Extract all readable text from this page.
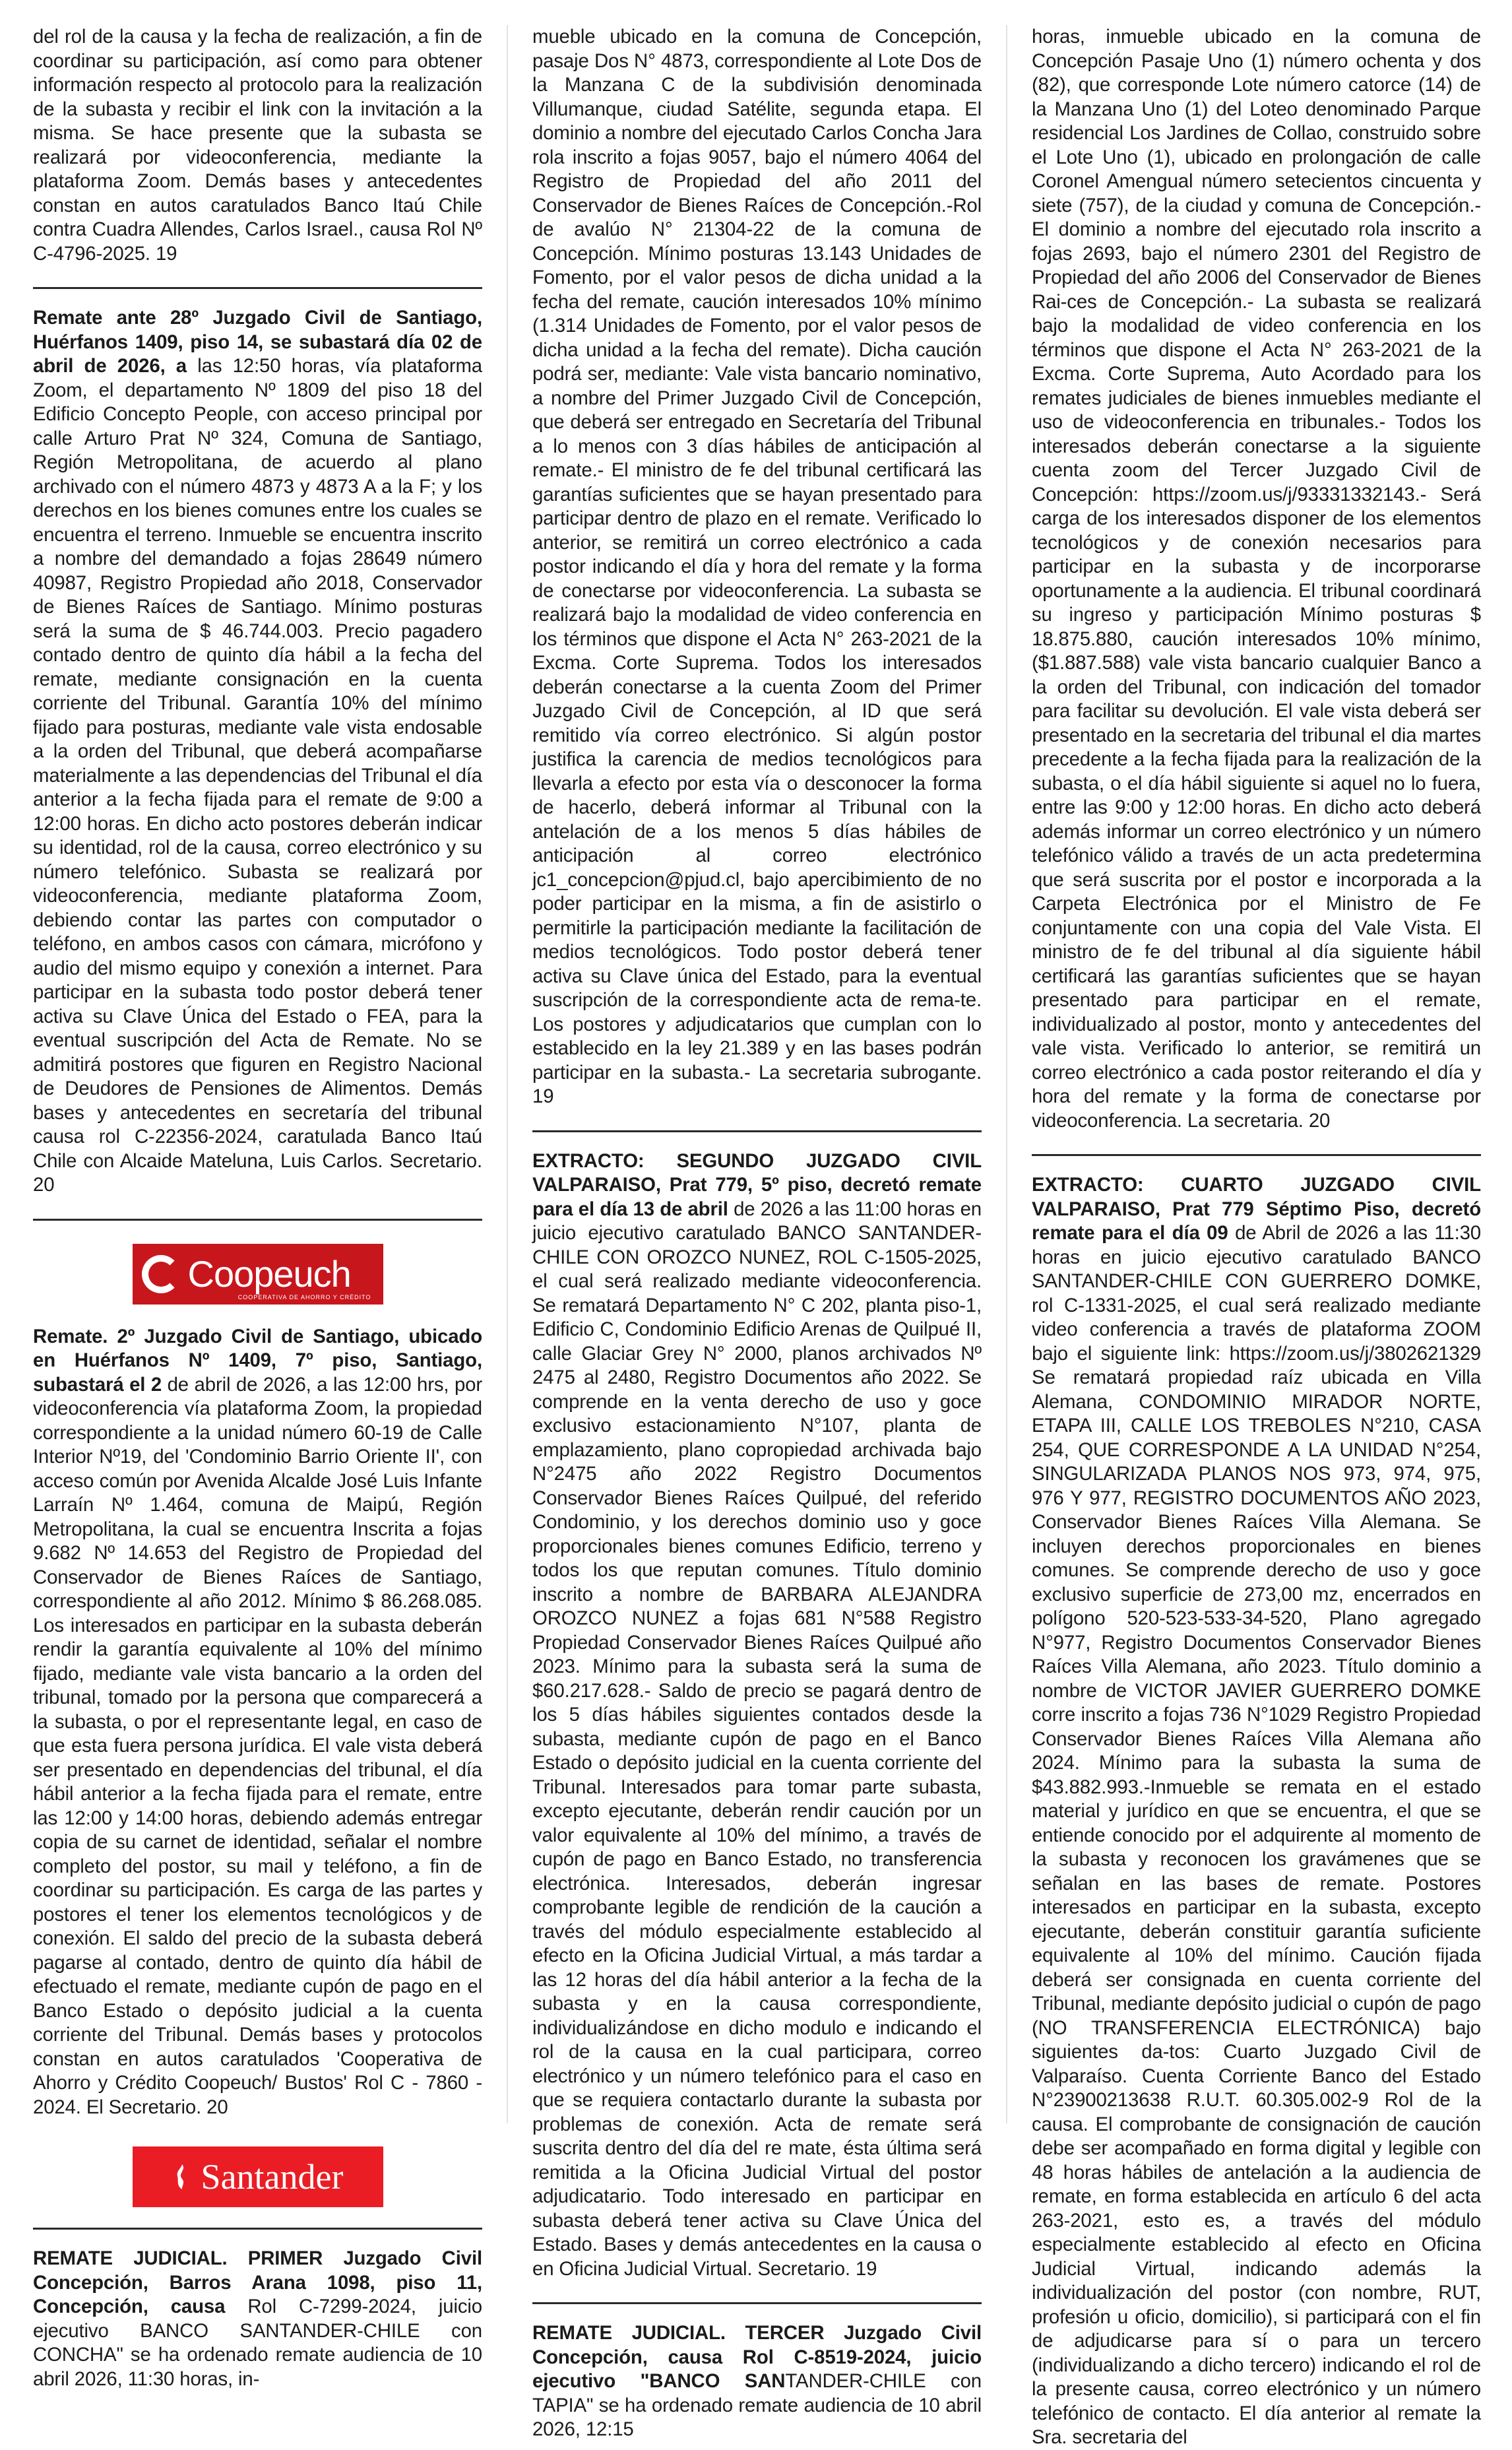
del rol de la causa y la fecha de realización, a fin de coordinar su participación, así como para obtener información respecto al protocolo para la realización de la subasta y recibir el link con la invitación a la misma. Se hace presente que la subasta se realizará por videoconferencia, mediante la plataforma Zoom. Demás bases y antecedentes constan en autos caratulados Banco Itaú Chile contra Cuadra Allendes, Carlos Israel., causa Rol Nº C-4796-2025. 19

Remate ante 28º Juzgado Civil de Santiago, Huérfanos 1409, piso 14, se subastará día 02 de abril de 2026, a las 12:50 horas, vía plataforma Zoom, el departamento Nº 1809 del piso 18 del Edificio Concepto People, con acceso principal por calle Arturo Prat Nº 324, Comuna de Santiago, Región Metropolitana, de acuerdo al plano archivado con el número 4873 y 4873 A a la F; y los derechos en los bienes comunes entre los cuales se encuentra el terreno. Inmueble se encuentra inscrito a nombre del demandado a fojas 28649 número 40987, Registro Propiedad año 2018, Conservador de Bienes Raíces de Santiago. Mínimo posturas será la suma de $ 46.744.003. Precio pagadero contado dentro de quinto día hábil a la fecha del remate, mediante consignación en la cuenta corriente del Tribunal. Garantía 10% del mínimo fijado para posturas, mediante vale vista endosable a la orden del Tribunal, que deberá acompañarse materialmente a las dependencias del Tribunal el día anterior a la fecha fijada para el remate de 9:00 a 12:00 horas. En dicho acto postores deberán indicar su identidad, rol de la causa, correo electrónico y su número telefónico. Subasta se realizará por videoconferencia, mediante plataforma Zoom, debiendo contar las partes con computador o teléfono, en ambos casos con cámara, micrófono y audio del mismo equipo y conexión a internet. Para participar en la subasta todo postor deberá tener activa su Clave Única del Estado o FEA, para la eventual suscripción del Acta de Remate. No se admitirá postores que figuren en Registro Nacional de Deudores de Pensiones de Alimentos. Demás bases y antecedentes en secretaría del tribunal causa rol C-22356-2024, caratulada Banco Itaú Chile con Alcaide Mateluna, Luis Carlos. Secretario. 20

Coopeuch
COOPERATIVA DE AHORRO Y CRÉDITO

Remate. 2º Juzgado Civil de Santiago, ubicado en Huérfanos Nº 1409, 7º piso, Santiago, subastará el 2 de abril de 2026, a las 12:00 hrs, por videoconferencia vía plataforma Zoom, la propiedad correspondiente a la unidad número 60-19 de Calle Interior Nº19, del 'Condominio Barrio Oriente II', con acceso común por Avenida Alcalde José Luis Infante Larraín Nº 1.464, comuna de Maipú, Región Metropolitana, la cual se encuentra Inscrita a fojas 9.682 Nº 14.653 del Registro de Propiedad del Conservador de Bienes Raíces de Santiago, correspondiente al año 2012. Mínimo $ 86.268.085. Los interesados en participar en la subasta deberán rendir la garantía equivalente al 10% del mínimo fijado, mediante vale vista bancario a la orden del tribunal, tomado por la persona que comparecerá a la subasta, o por el representante legal, en caso de que esta fuera persona jurídica. El vale vista deberá ser presentado en dependencias del tribunal, el día hábil anterior a la fecha fijada para el remate, entre las 12:00 y 14:00 horas, debiendo además entregar copia de su carnet de identidad, señalar el nombre completo del postor, su mail y teléfono, a fin de coordinar su participación. Es carga de las partes y postores el tener los elementos tecnológicos y de conexión. El saldo del precio de la subasta deberá pagarse al contado, dentro de quinto día hábil de efectuado el remate, mediante cupón de pago en el Banco Estado o depósito judicial a la cuenta corriente del Tribunal. Demás bases y protocolos constan en autos caratulados 'Cooperativa de Ahorro y Crédito Coopeuch/ Bustos' Rol C - 7860 - 2024. El Secretario. 20

Santander

REMATE JUDICIAL. PRIMER Juzgado Civil Concepción, Barros Arana 1098, piso 11, Concepción, causa Rol C-7299-2024, juicio ejecutivo BANCO SANTANDER-CHILE con CONCHA" se ha ordenado remate audiencia de 10 abril 2026, 11:30 horas, in-

mueble ubicado en la comuna de Concepción, pasaje Dos N° 4873, correspondiente al Lote Dos de la Manzana C de la subdivisión denominada Villumanque, ciudad Satélite, segunda etapa. El dominio a nombre del ejecutado Carlos Concha Jara rola inscrito a fojas 9057, bajo el número 4064 del Registro de Propiedad del año 2011 del Conservador de Bienes Raíces de Concepción.-Rol de avalúo N° 21304-22 de la comuna de Concepción. Mínimo posturas 13.143 Unidades de Fomento, por el valor pesos de dicha unidad a la fecha del remate, caución interesados 10% mínimo (1.314 Unidades de Fomento, por el valor pesos de dicha unidad a la fecha del remate). Dicha caución podrá ser, mediante: Vale vista bancario nominativo, a nombre del Primer Juzgado Civil de Concepción, que deberá ser entregado en Secretaría del Tribunal a lo menos con 3 días hábiles de anticipación al remate.- El ministro de fe del tribunal certificará las garantías suficientes que se hayan presentado para participar dentro de plazo en el remate. Verificado lo anterior, se remitirá un correo electrónico a cada postor indicando el día y hora del remate y la forma de conectarse por videoconferencia. La subasta se realizará bajo la modalidad de video conferencia en los términos que dispone el Acta N° 263-2021 de la Excma. Corte Suprema. Todos los interesados deberán conectarse a la cuenta Zoom del Primer Juzgado Civil de Concepción, al ID que será remitido vía correo electrónico. Si algún postor justifica la carencia de medios tecnológicos para llevarla a efecto por esta vía o desconocer la forma de hacerlo, deberá informar al Tribunal con la antelación de a los menos 5 días hábiles de anticipación al correo electrónico jc1_concepcion@pjud.cl, bajo apercibimiento de no poder participar en la misma, a fin de asistirlo o permitirle la participación mediante la facilitación de medios tecnológicos. Todo postor deberá tener activa su Clave única del Estado, para la eventual suscripción de la correspondiente acta de rema-te. Los postores y adjudicatarios que cumplan con lo establecido en la ley 21.389 y en las bases podrán participar en la subasta.- La secretaria subrogante. 19

EXTRACTO: SEGUNDO JUZGADO CIVIL VALPARAISO, Prat 779, 5º piso, decretó remate para el día 13 de abril de 2026 a las 11:00 horas en juicio ejecutivo caratulado BANCO SANTANDER-CHILE CON OROZCO NUNEZ, ROL C-1505-2025, el cual será realizado mediante videoconferencia. Se rematará Departamento N° C 202, planta piso-1, Edificio C, Condominio Edificio Arenas de Quilpué II, calle Glaciar Grey N° 2000, planos archivados Nº 2475 al 2480, Registro Documentos año 2022. Se comprende en la venta derecho de uso y goce exclusivo estacionamiento N°107, planta de emplazamiento, plano copropiedad archivada bajo N°2475 año 2022 Registro Documentos Conservador Bienes Raíces Quilpué, del referido Condominio, y los derechos dominio uso y goce proporcionales bienes comunes Edificio, terreno y todos los que reputan comunes. Título dominio inscrito a nombre de BARBARA ALEJANDRA OROZCO NUNEZ a fojas 681 N°588 Registro Propiedad Conservador Bienes Raíces Quilpué año 2023. Mínimo para la subasta será la suma de $60.217.628.- Saldo de precio se pagará dentro de los 5 días hábiles siguientes contados desde la subasta, mediante cupón de pago en el Banco Estado o depósito judicial en la cuenta corriente del Tribunal. Interesados para tomar parte subasta, excepto ejecutante, deberán rendir caución por un valor equivalente al 10% del mínimo, a través de cupón de pago en Banco Estado, no transferencia electrónica. Interesados, deberán ingresar comprobante legible de rendición de la caución a través del módulo especialmente establecido al efecto en la Oficina Judicial Virtual, a más tardar a las 12 horas del día hábil anterior a la fecha de la subasta y en la causa correspondiente, individualizándose en dicho modulo e indicando el rol de la causa en la cual participara, correo electrónico y un número telefónico para el caso en que se requiera contactarlo durante la subasta por problemas de conexión. Acta de remate será suscrita dentro del día del re mate, ésta última será remitida a la Oficina Judicial Virtual del postor adjudicatario. Todo interesado en participar en subasta deberá tener activa su Clave Única del Estado. Bases y demás antecedentes en la causa o en Oficina Judicial Virtual. Secretario. 19

REMATE JUDICIAL. TERCER Juzgado Civil Concepción, causa Rol C-8519-2024, juicio ejecutivo "BANCO SANTANDER-CHILE con TAPIA" se ha ordenado remate audiencia de 10 abril 2026, 12:15

horas, inmueble ubicado en la comuna de Concepción Pasaje Uno (1) número ochenta y dos (82), que corresponde Lote número catorce (14) de la Manzana Uno (1) del Loteo denominado Parque residencial Los Jardines de Collao, construido sobre el Lote Uno (1), ubicado en prolongación de calle Coronel Amengual número setecientos cincuenta y siete (757), de la ciudad y comuna de Concepción.- El dominio a nombre del ejecutado rola inscrito a fojas 2693, bajo el número 2301 del Registro de Propiedad del año 2006 del Conservador de Bienes Rai-ces de Concepción.- La subasta se realizará bajo la modalidad de video conferencia en los términos que dispone el Acta N° 263-2021 de la Excma. Corte Suprema, Auto Acordado para los remates judiciales de bienes inmuebles mediante el uso de videoconferencia en tribunales.- Todos los interesados deberán conectarse a la siguiente cuenta zoom del Tercer Juzgado Civil de Concepción: https://zoom.us/j/93331332143.- Será carga de los interesados disponer de los elementos tecnológicos y de conexión necesarios para participar en la subasta y de incorporarse oportunamente a la audiencia. El tribunal coordinará su ingreso y participación Mínimo posturas $ 18.875.880, caución interesados 10% mínimo, ($1.887.588) vale vista bancario cualquier Banco a la orden del Tribunal, con indicación del tomador para facilitar su devolución. El vale vista deberá ser presentado en la secretaria del tribunal el dia martes precedente a la fecha fijada para la realización de la subasta, o el día hábil siguiente si aquel no lo fuera, entre las 9:00 y 12:00 horas. En dicho acto deberá además informar un correo electrónico y un número telefónico válido a través de un acta predetermina que será suscrita por el postor e incorporada a la Carpeta Electrónica por el Ministro de Fe conjuntamente con una copia del Vale Vista. El ministro de fe del tribunal al día siguiente hábil certificará las garantías suficientes que se hayan presentado para participar en el remate, individualizado al postor, monto y antecedentes del vale vista. Verificado lo anterior, se remitirá un correo electrónico a cada postor reiterando el día y hora del remate y la forma de conectarse por videoconferencia. La secretaria. 20

EXTRACTO: CUARTO JUZGADO CIVIL VALPARAISO, Prat 779 Séptimo Piso, decretó remate para el día 09 de Abril de 2026 a las 11:30 horas en juicio ejecutivo caratulado BANCO SANTANDER-CHILE CON GUERRERO DOMKE, rol C-1331-2025, el cual será realizado mediante video conferencia a través de plataforma ZOOM bajo el siguiente link: https://zoom.us/j/3802621329 Se rematará propiedad raíz ubicada en Villa Alemana, CONDOMINIO MIRADOR NORTE, ETAPA III, CALLE LOS TREBOLES N°210, CASA 254, QUE CORRESPONDE A LA UNIDAD N°254, SINGULARIZADA PLANOS NOS 973, 974, 975, 976 Y 977, REGISTRO DOCUMENTOS AÑO 2023, Conservador Bienes Raíces Villa Alemana. Se incluyen derechos proporcionales en bienes comunes. Se comprende derecho de uso y goce exclusivo superficie de 273,00 mz, encerrados en polígono 520-523-533-34-520, Plano agregado N°977, Registro Documentos Conservador Bienes Raíces Villa Alemana, año 2023. Título dominio a nombre de VICTOR JAVIER GUERRERO DOMKE corre inscrito a fojas 736 N°1029 Registro Propiedad Conservador Bienes Raíces Villa Alemana año 2024. Mínimo para la subasta la suma de $43.882.993.-Inmueble se remata en el estado material y jurídico en que se encuentra, el que se entiende conocido por el adquirente al momento de la subasta y reconocen los gravámenes que se señalan en las bases de remate. Postores interesados en participar en la subasta, excepto ejecutante, deberán constituir garantía suficiente equivalente al 10% del mínimo. Caución fijada deberá ser consignada en cuenta corriente del Tribunal, mediante depósito judicial o cupón de pago (NO TRANSFERENCIA ELECTRÓNICA) bajo siguientes da-tos: Cuarto Juzgado Civil de Valparaíso. Cuenta Corriente Banco del Estado N°23900213638 R.U.T. 60.305.002-9 Rol de la causa. El comprobante de consignación de caución debe ser acompañado en forma digital y legible con 48 horas hábiles de antelación a la audiencia de remate, en forma establecida en artículo 6 del acta 263-2021, esto es, a través del módulo especialmente establecido al efecto en Oficina Judicial Virtual, indicando además la individualización del postor (con nombre, RUT, profesión u oficio, domicilio), si participará con el fin de adjudicarse para sí o para un tercero (individualizando a dicho tercero) indicando el rol de la presente causa, correo electrónico y un número telefónico de contacto. El día anterior al remate la Sra. secretaria del
